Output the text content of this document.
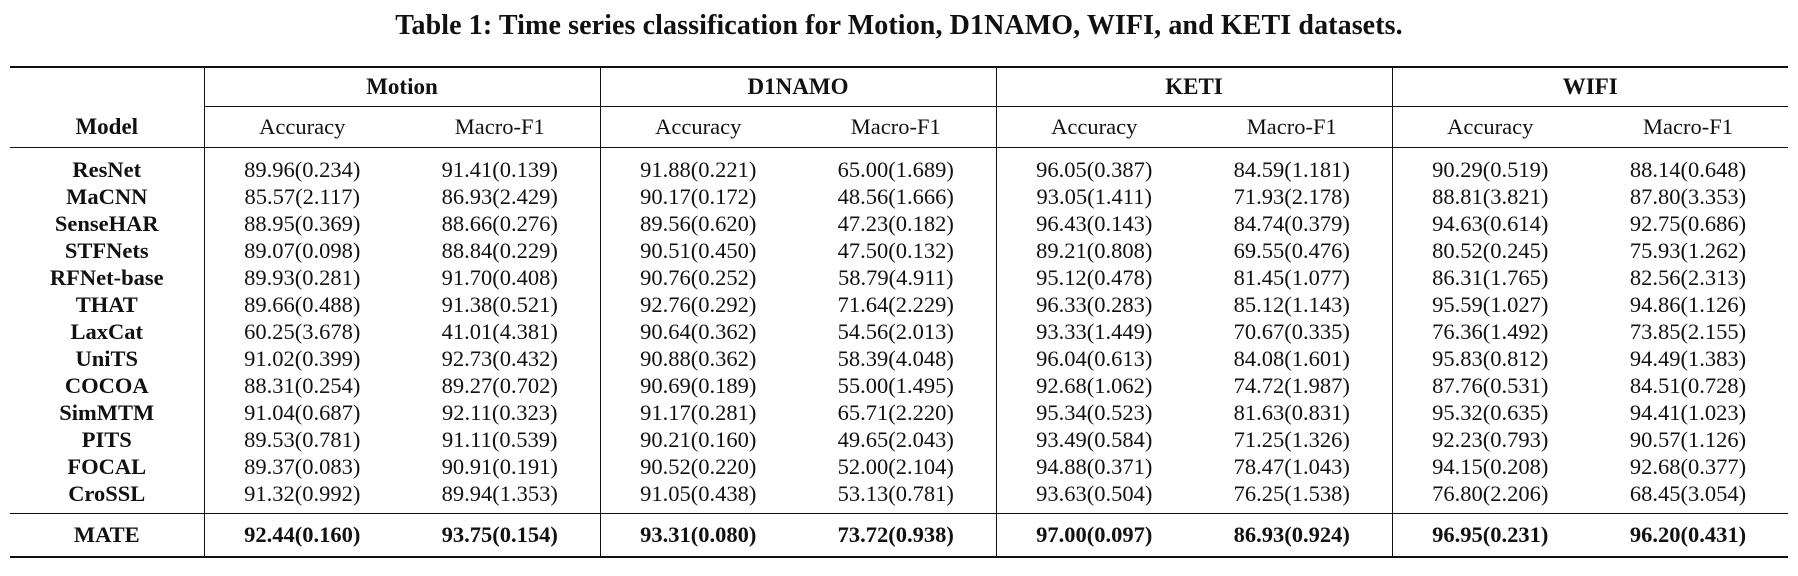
Table 1: Time series classification for Motion, D1NAMO, WIFI, and KETI datasets.
	Motion		D1NAMO		KETI		WIFI	
Model	Accuracy	Macro-F1	Accuracy	Macro-F1	Accuracy	Macro-F1	Accuracy	Macro-F1
ResNet	89.96(0.234)	91.41(0.139)	91.88(0.221)	65.00(1.689)	96.05(0.387)	84.59(1.181)	90.29(0.519)	88.14(0.648)
MaCNN	85.57(2.117)	86.93(2.429)	90.17(0.172)	48.56(1.666)	93.05(1.411)	71.93(2.178)	88.81(3.821)	87.80(3.353)
SenseHAR	88.95(0.369)	88.66(0.276)	89.56(0.620)	47.23(0.182)	96.43(0.143)	84.74(0.379)	94.63(0.614)	92.75(0.686)
STFNets	89.07(0.098)	88.84(0.229)	90.51(0.450)	47.50(0.132)	89.21(0.808)	69.55(0.476)	80.52(0.245)	75.93(1.262)
RFNet-base	89.93(0.281)	91.70(0.408)	90.76(0.252)	58.79(4.911)	95.12(0.478)	81.45(1.077)	86.31(1.765)	82.56(2.313)
THAT	89.66(0.488)	91.38(0.521)	92.76(0.292)	71.64(2.229)	96.33(0.283)	85.12(1.143)	95.59(1.027)	94.86(1.126)
LaxCat	60.25(3.678)	41.01(4.381)	90.64(0.362)	54.56(2.013)	93.33(1.449)	70.67(0.335)	76.36(1.492)	73.85(2.155)
UniTS	91.02(0.399)	92.73(0.432)	90.88(0.362)	58.39(4.048)	96.04(0.613)	84.08(1.601)	95.83(0.812)	94.49(1.383)
COCOA	88.31(0.254)	89.27(0.702)	90.69(0.189)	55.00(1.495)	92.68(1.062)	74.72(1.987)	87.76(0.531)	84.51(0.728)
SimMTM	91.04(0.687)	92.11(0.323)	91.17(0.281)	65.71(2.220)	95.34(0.523)	81.63(0.831)	95.32(0.635)	94.41(1.023)
PITS	89.53(0.781)	91.11(0.539)	90.21(0.160)	49.65(2.043)	93.49(0.584)	71.25(1.326)	92.23(0.793)	90.57(1.126)
FOCAL	89.37(0.083)	90.91(0.191)	90.52(0.220)	52.00(2.104)	94.88(0.371)	78.47(1.043)	94.15(0.208)	92.68(0.377)
CroSSL	91.32(0.992)	89.94(1.353)	91.05(0.438)	53.13(0.781)	93.63(0.504)	76.25(1.538)	76.80(2.206)	68.45(3.054)
MATE	92.44(0.160)	93.75(0.154)	93.31(0.080)	73.72(0.938)	97.00(0.097)	86.93(0.924)	96.95(0.231)	96.20(0.431)
